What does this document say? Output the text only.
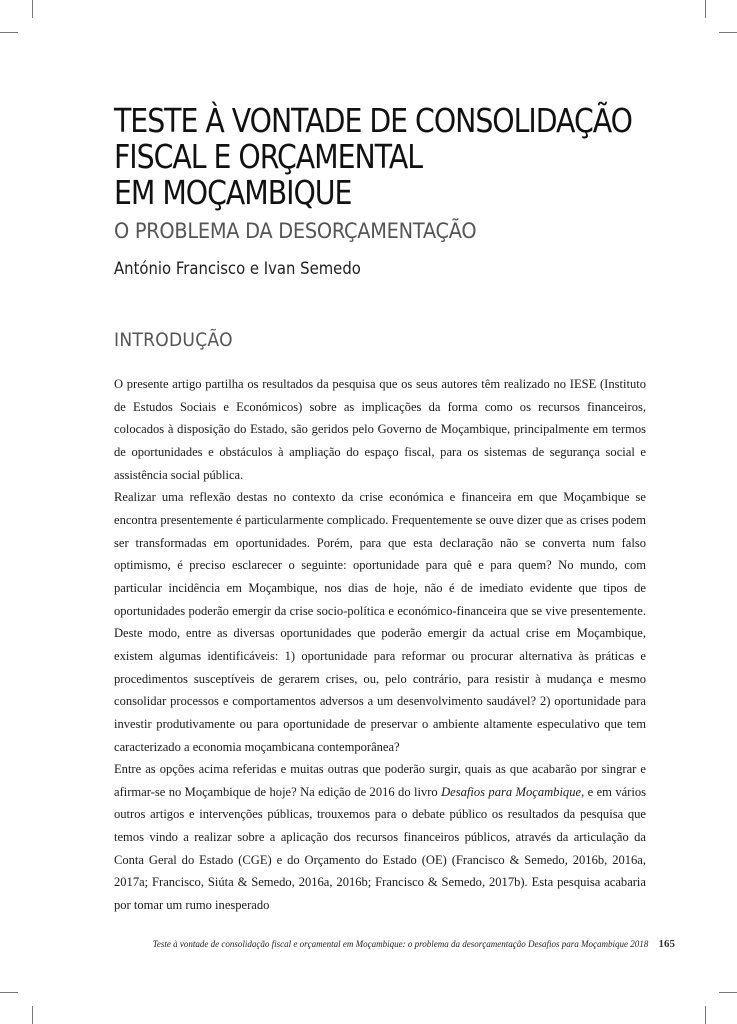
TESTE À VONTADE DE CONSOLIDAÇÃO
FISCAL E ORÇAMENTAL
EM MOÇAMBIQUE
O PROBLEMA DA DESORÇAMENTAÇÃO
António Francisco e Ivan Semedo
INTRODUÇÃO

O presente artigo partilha os resultados da pesquisa que os seus autores têm realizado no IESE (Instituto de Estudos Sociais e Económicos) sobre as implicações da forma como os recursos financeiros, colocados à disposição do Estado, são geridos pelo Governo de Moçambique, principalmente em termos de oportunidades e obstáculos à ampliação do espaço fiscal, para os sistemas de segurança social e assistência social pública.

Realizar uma reflexão destas no contexto da crise económica e financeira em que Moçambique se encontra presentemente é particularmente complicado. Frequentemente se ouve dizer que as crises podem ser transformadas em oportunidades. Porém, para que esta declaração não se converta num falso optimismo, é preciso esclarecer o seguinte: oportunidade para quê e para quem? No mundo, com particular incidência em Moçambique, nos dias de hoje, não é de imediato evidente que tipos de oportunidades poderão emergir da crise socio-política e económico-financeira que se vive presentemente. Deste modo, entre as diversas oportunidades que poderão emergir da actual crise em Moçambique, existem algumas identificáveis: 1) oportunidade para reformar ou procurar alternativa às práticas e procedimentos susceptíveis de gerarem crises, ou, pelo contrário, para resistir à mudança e mesmo consolidar processos e comportamentos adversos a um desenvolvimento saudável? 2) oportunidade para investir produtivamente ou para oportunidade de preservar o ambiente altamente especulativo que tem caracterizado a economia moçambicana contemporânea?

Entre as opções acima referidas e muitas outras que poderão surgir, quais as que acabarão por singrar e afirmar-se no Moçambique de hoje? Na edição de 2016 do livro Desafios para Moçambique, e em vários outros artigos e intervenções públicas, trouxemos para o debate público os resultados da pesquisa que temos vindo a realizar sobre a aplicação dos recursos financeiros públicos, através da articulação da Conta Geral do Estado (CGE) e do Orçamento do Estado (OE) (Francisco & Semedo, 2016b, 2016a, 2017a; Francisco, Siúta & Semedo, 2016a, 2016b; Francisco & Semedo, 2017b). Esta pesquisa acabaria por tomar um rumo inesperado

Teste à vontade de consolidação fiscal e orçamental em Moçambique: o problema da desorçamentação Desafios para Moçambique 2018 165
